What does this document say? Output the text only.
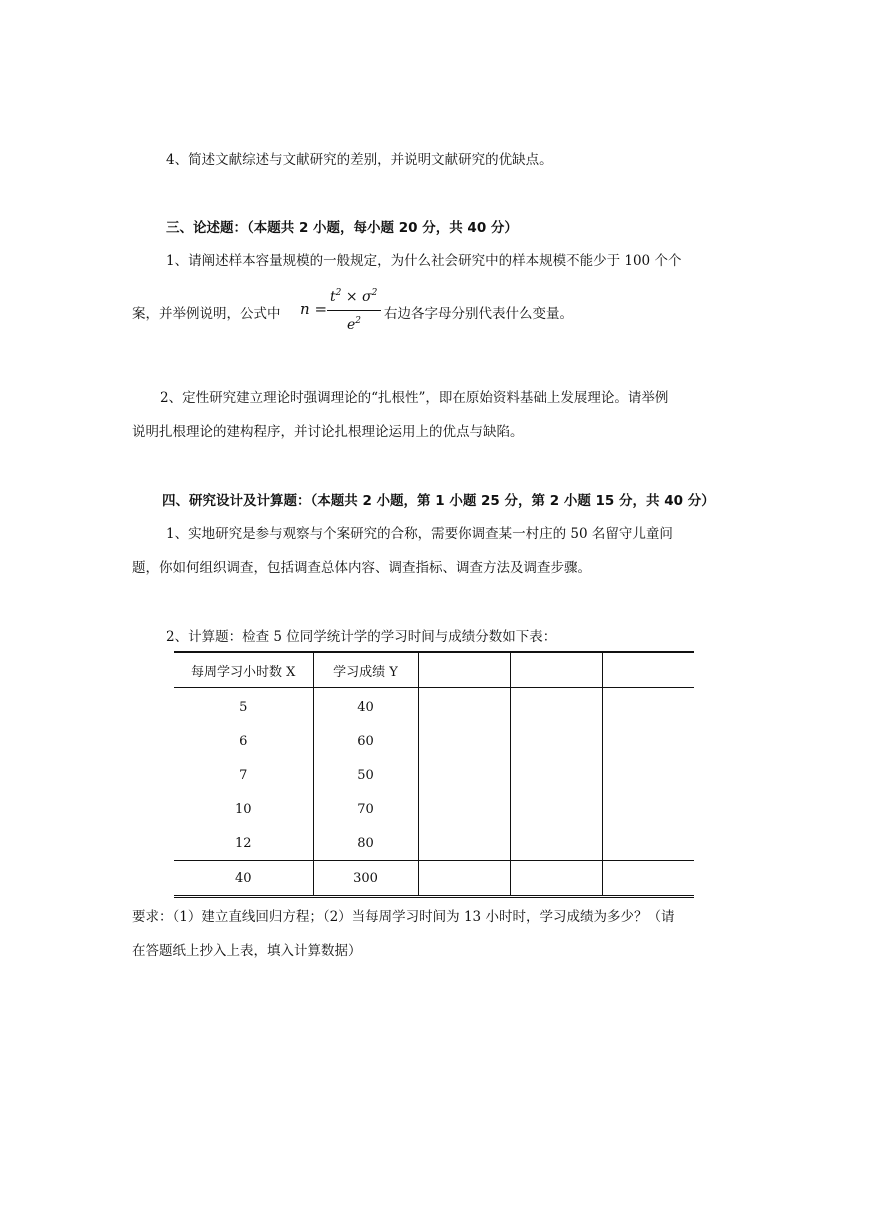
4、简述文献综述与文献研究的差别，并说明文献研究的优缺点。
三、论述题：（本题共 2 小题，每小题 20 分，共 40 分）
1、请阐述样本容量规模的一般规定，为什么社会研究中的样本规模不能少于 100 个个
案，并举例说明，公式中 n =
$t^2 \times \sigma^2$
$e^2$ 右边各字母分别代表什么变量。
2、定性研究建立理论时强调理论的“扎根性”，即在原始资料基础上发展理论。请举例
说明扎根理论的建构程序，并讨论扎根理论运用上的优点与缺陷。
四、研究设计及计算题：（本题共 2 小题，第 1 小题 25 分，第 2 小题 15 分，共 40 分）
1、实地研究是参与观察与个案研究的合称，需要你调查某一村庄的 50 名留守儿童问
题，你如何组织调查，包括调查总体内容、调查指标、调查方法及调查步骤。
2、计算题：检查 5 位同学统计学的学习时间与成绩分数如下表：
每周学习小时数 X	学习成绩 Y			
5	40			
6	60			
7	50			
10	70			
12	80			
40	300			
要求：（1）建立直线回归方程；（2）当每周学习时间为 13 小时时，学习成绩为多少？（请
在答题纸上抄入上表，填入计算数据）
